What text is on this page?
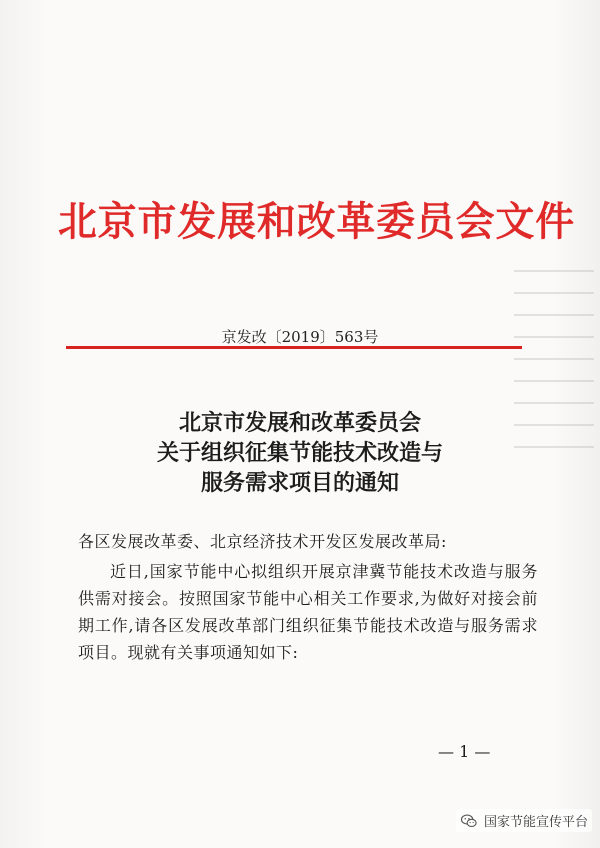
北京市发展和改革委员会文件
京发改〔2019〕563号
北京市发展和改革委员会
关于组织征集节能技术改造与
服务需求项目的通知

各区发展改革委、北京经济技术开发区发展改革局:

近日,国家节能中心拟组织开展京津冀节能技术改造与服务供需对接会。按照国家节能中心相关工作要求,为做好对接会前期工作,请各区发展改革部门组织征集节能技术改造与服务需求项目。现就有关事项通知如下:

— 1 —
国家节能宣传平台
